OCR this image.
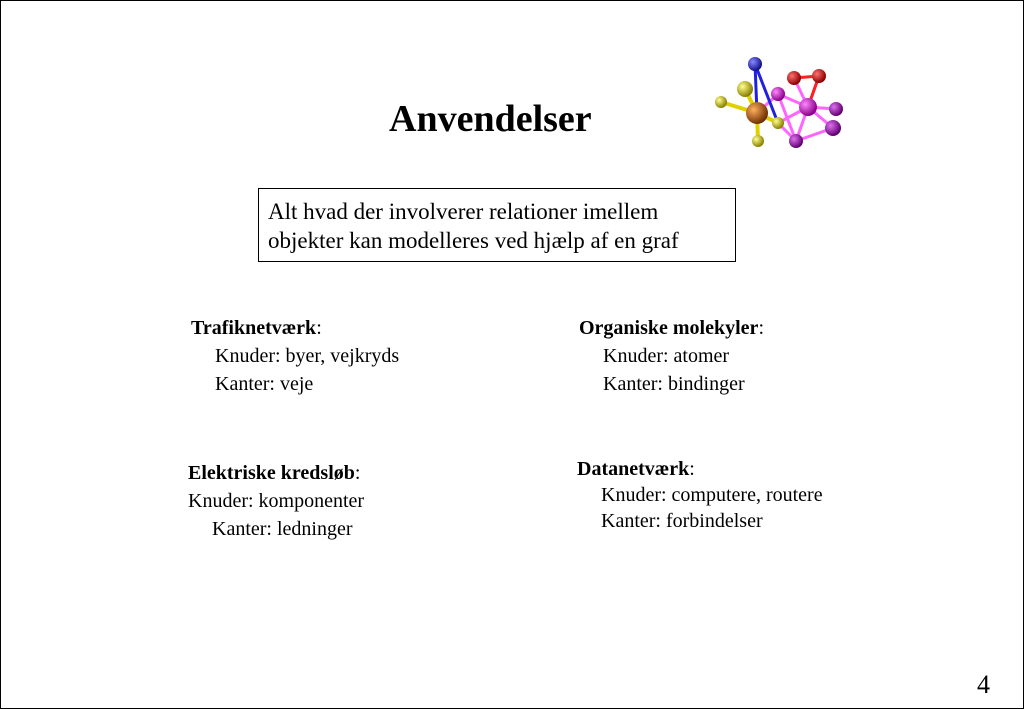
Anvendelser
Alt hvad der involverer relationer imellem
objekter kan modelleres ved hjælp af en graf
Trafiknetværk:
Knuder: byer, vejkryds
Kanter: veje
Organiske molekyler:
Knuder: atomer
Kanter: bindinger
Elektriske kredsløb:
Knuder: komponenter
Kanter: ledninger
Datanetværk:
Knuder: computere, routere
Kanter: forbindelser
4
